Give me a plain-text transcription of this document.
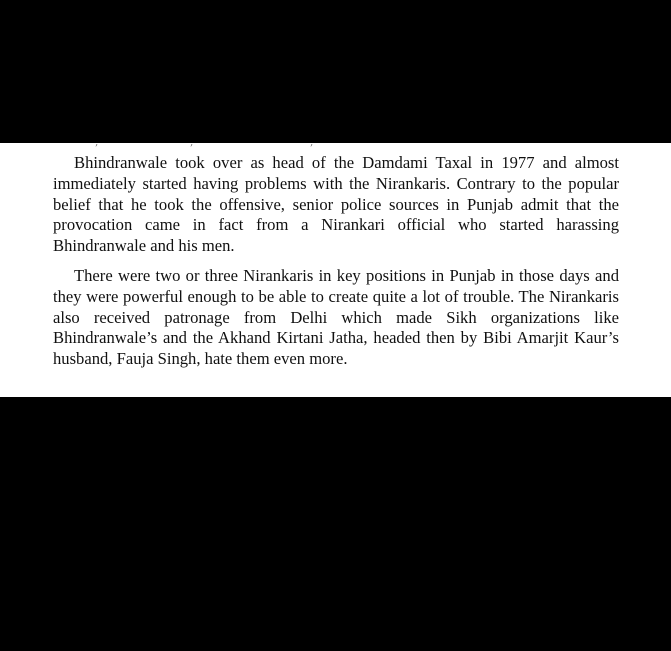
‚	‚	‚

Bhindranwale took over as head of the Damdami Taxal in 1977 and almost immediately started having problems with the Nirankaris. Contrary to the popular belief that he took the offensive, senior police sources in Punjab admit that the provocation came in fact from a Nirankari official who started harassing Bhindranwale and his men.

There were two or three Nirankaris in key positions in Punjab in those days and they were powerful enough to be able to create quite a lot of trouble. The Nirankaris also received patronage from Delhi which made Sikh organizations like Bhindranwale’s and the Akhand Kirtani Jatha, headed then by Bibi Amarjit Kaur’s husband, Fauja Singh, hate them even more.
